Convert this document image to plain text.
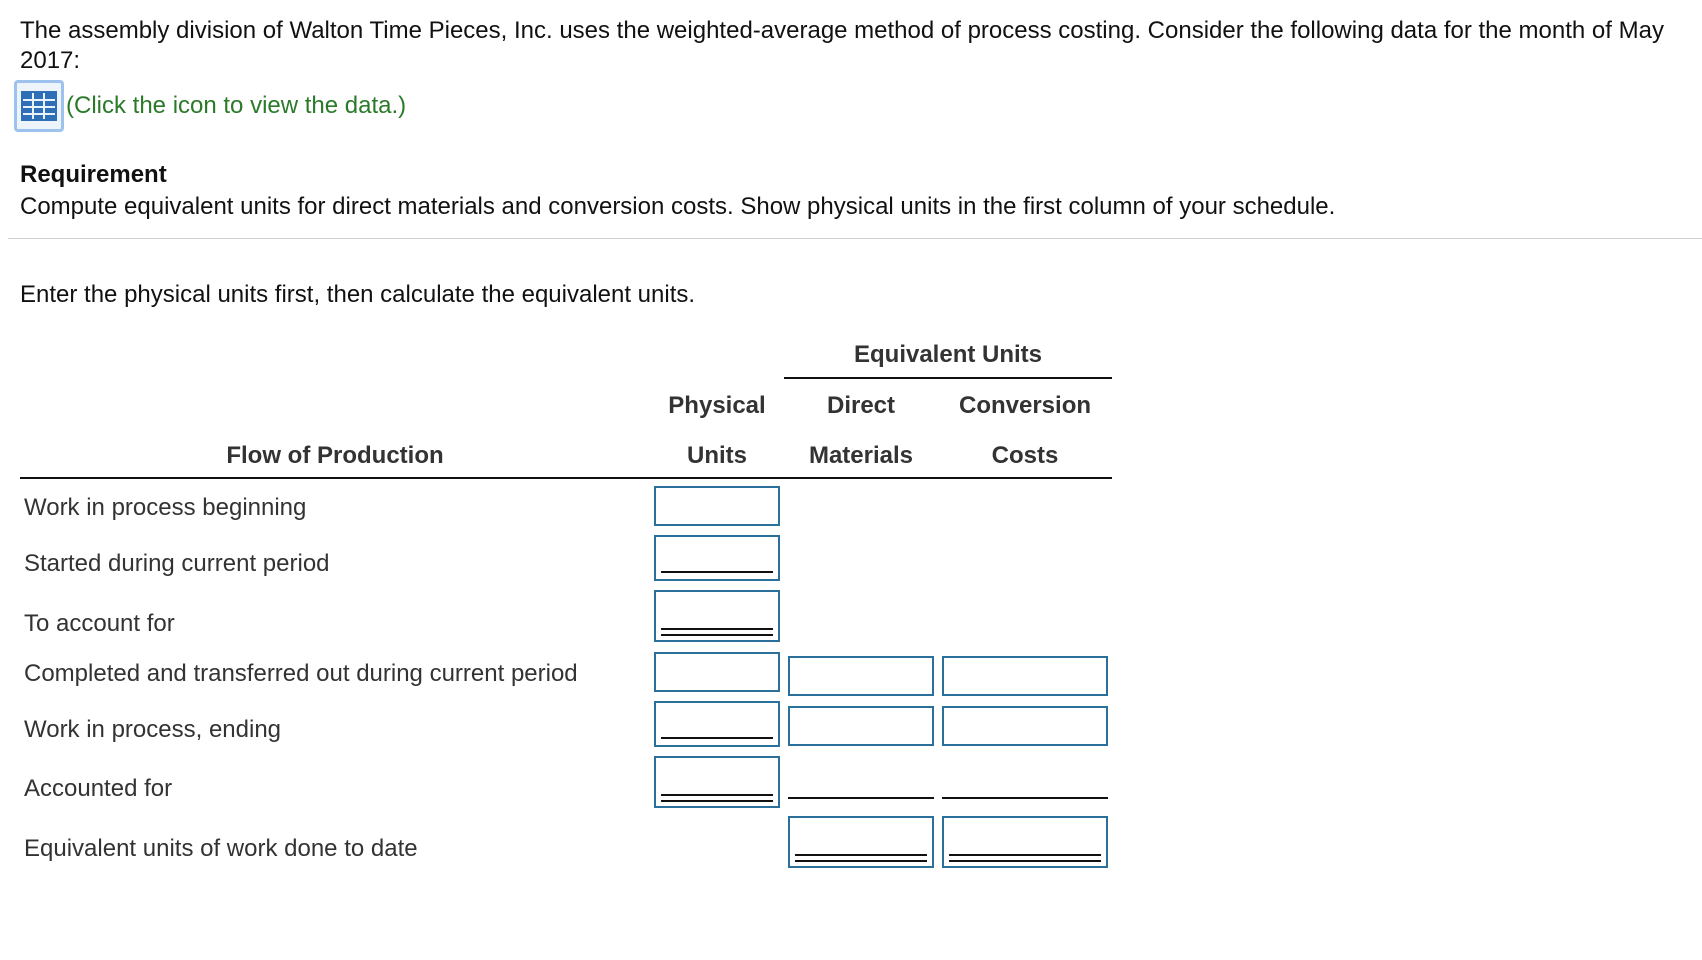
The assembly division of Walton Time Pieces, Inc. uses the weighted-average method of process costing. Consider the following data for the month of May 2017:
(Click the icon to view the data.)
Requirement
Compute equivalent units for direct materials and conversion costs. Show physical units in the first column of your schedule.
Enter the physical units first, then calculate the equivalent units.
Equivalent Units
Physical
Units
Direct
Materials
Conversion
Costs
Flow of Production
Work in process beginning
Started during current period
To account for
Completed and transferred out during current period
Work in process, ending
Accounted for
Equivalent units of work done to date
